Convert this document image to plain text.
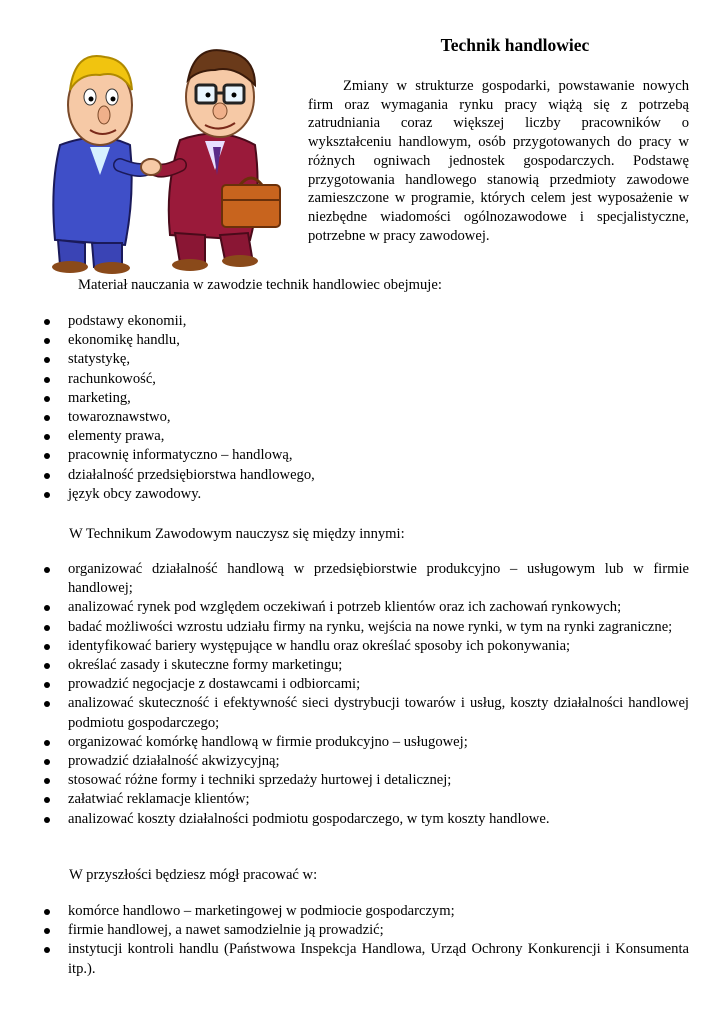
Technik handlowiec

Zmiany w strukturze gospodarki, powstawanie nowych firm oraz wymagania rynku pracy wiążą się z potrzebą zatrudniania coraz większej liczby pracowników o wykształceniu handlowym, osób przygotowanych do pracy w różnych ogniwach jednostek gospodarczych. Podstawę przygotowania handlowego stanowią przedmioty zawodowe zamieszczone w programie, których celem jest wyposażenie w niezbędne wiadomości ogólnozawodowe i specjalistyczne, potrzebne w pracy zawodowej.

Materiał nauczania w zawodzie technik handlowiec obejmuje:

podstawy ekonomii,
ekonomikę handlu,
statystykę,
rachunkowość,
marketing,
towaroznawstwo,
elementy prawa,
pracownię informatyczno – handlową,
działalność przedsiębiorstwa handlowego,
język obcy zawodowy.

W Technikum Zawodowym nauczysz się między innymi:

organizować działalność handlową w przedsiębiorstwie produkcyjno – usługowym lub w firmie handlowej;
analizować rynek pod względem oczekiwań i potrzeb klientów oraz ich zachowań rynkowych;
badać możliwości wzrostu udziału firmy na rynku, wejścia na nowe rynki, w tym na rynki zagraniczne;
identyfikować bariery występujące w handlu oraz określać sposoby ich pokonywania;
określać zasady i skuteczne formy marketingu;
prowadzić negocjacje z dostawcami i odbiorcami;
analizować skuteczność i efektywność sieci dystrybucji towarów i usług, koszty działalności handlowej podmiotu gospodarczego;
organizować komórkę handlową w firmie produkcyjno – usługowej;
prowadzić działalność akwizycyjną;
stosować różne formy i techniki sprzedaży hurtowej i detalicznej;
załatwiać reklamacje klientów;
analizować koszty działalności podmiotu gospodarczego, w tym koszty handlowe.

W przyszłości będziesz mógł pracować w:

komórce handlowo – marketingowej w podmiocie gospodarczym;
firmie handlowej, a nawet samodzielnie ją prowadzić;
instytucji kontroli handlu (Państwowa Inspekcja Handlowa, Urząd Ochrony Konkurencji i Konsumenta itp.).
